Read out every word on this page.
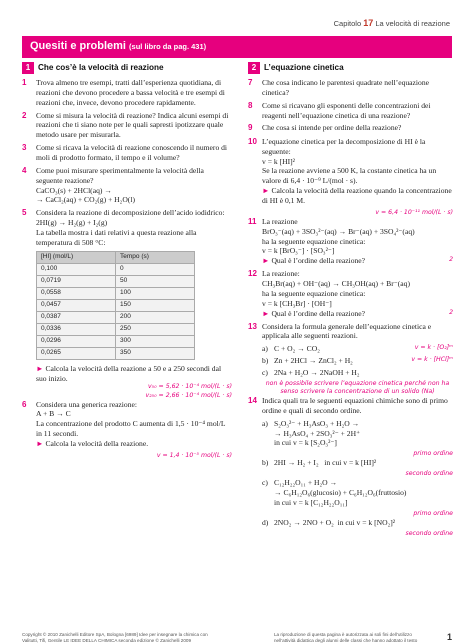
Capitolo 17 La velocità di reazione
Quesiti e problemi (sul libro da pag. 431)
1 Che cos’è la velocità di reazione
1	Trova almeno tre esempi, tratti dall’esperienza quotidiana, di reazioni che devono procedere a bassa velocità e tre esempi di reazioni che, invece, devono procedere rapidamente.
2	Come si misura la velocità di reazione? Indica alcuni esempi di reazioni che ti siano note per le quali sapresti ipotizzare quale metodo usare per misurarla.
3	Come si ricava la velocità di reazione conoscendo il numero di moli di prodotto formato, il tempo e il volume?
4	Come puoi misurare sperimentalmente la velocità della seguente reazione?
CaCO₃(s) + 2HCl(aq) →
→ CaCl₂(aq) + CO₂(g) + H₂O(l)
5	Considera la reazione di decomposizione dell’acido iodidrico:
2HI(g) → H₂(g) + I₂(g)
La tabella mostra i dati relativi a questa reazione alla temperatura di 508 °C:
[HI] (mol/L)	Tempo (s)
0,100	0
0,0719	50
0,0558	100
0,0457	150
0,0387	200
0,0336	250
0,0296	300
0,0265	350
► Calcola la velocità della reazione a 50 e a 250 secondi dal suo inizio.
v₅₀ = 5,62 · 10⁻⁴ mol/(L · s)
v₂₅₀ = 2,66 · 10⁻⁴ mol/(L · s)
6	Considera una generica reazione:
A + B → C
La concentrazione del prodotto C aumenta di 1,5 · 10⁻⁴ mol/L in 11 secondi.
► Calcola la velocità della reazione.
v = 1,4 · 10⁻⁵ mol/(L · s)
2 L’equazione cinetica
7	Che cosa indicano le parentesi quadrate nell’equazione cinetica?
8	Come si ricavano gli esponenti delle concentrazioni dei reagenti nell’equazione cinetica di una reazione?
9	Che cosa si intende per ordine della reazione?
10 L’equazione cinetica per la decomposizione di HI è la seguente:
v = k [HI]²
Se la reazione avviene a 500 K, la costante cinetica ha un valore di 6,4 · 10⁻⁹ L/(mol · s).
► Calcola la velocità della reazione quando la concentrazione di HI è 0,1 M.
v = 6,4 · 10⁻¹¹ mol/(L · s)
11 La reazione
BrO₃⁻(aq) + 3SO₃²⁻(aq) → Br⁻(aq) + 3SO₄²⁻(aq)
ha la seguente equazione cinetica:
v = k [BrO₃⁻] · [SO₃²⁻]
► Qual è l’ordine della reazione?	2
12 La reazione:
CH₃Br(aq) + OH⁻(aq) → CH₃OH(aq) + Br⁻(aq)
ha la seguente equazione cinetica:
v = k [CH₃Br] · [OH⁻]
► Qual è l’ordine della reazione?	2
13 Considera la formula generale dell’equazione cinetica e applicala alle seguenti reazioni.
a) C + O₂ → CO₂	v = k · [O₂]ᵐ
b) Zn + 2HCl → ZnCl₂ + H₂	v = k · [HCl]ᵐ
c) 2Na + H₂O → 2NaOH + H₂
non è possibile scrivere l’equazione cinetica perché non ha senso scrivere la concentrazione di un solido (Na)
14 Indica quali tra le seguenti equazioni chimiche sono di primo ordine e quali di secondo ordine.
a) S₂O₃²⁻ + H₃AsO₃ + H₂O →
→ H₃AsO₄ + 2SO₃²⁻ + 2H⁺
in cui v = k [S₂O₃²⁻]
primo ordine
b) 2HI → H₂ + I₂ in cui v = k [HI]²
secondo ordine
c) C₁₂H₂₂O₁₁ + H₂O →
→ C₆H₁₂O₆(glucosio) + C₆H₁₂O₆(fruttosio)
in cui v = k [C₁₂H₂₂O₁₁]
primo ordine
d) 2NO₂ → 2NO + O₂ in cui v = k [NO₂]²
secondo ordine
Copyright © 2010 Zanichelli Editore SpA, Bologna [6989] Idee per insegnare la chimica con
Valitutti, Tifi, Gentile LE IDEE DELLA CHIMICA seconda edizione © Zanichelli 2009
La riproduzione di questa pagina è autorizzata ai soli fini dell’utilizzo
nell’attività didattica degli alunni delle classi che hanno adottato il testo	1
